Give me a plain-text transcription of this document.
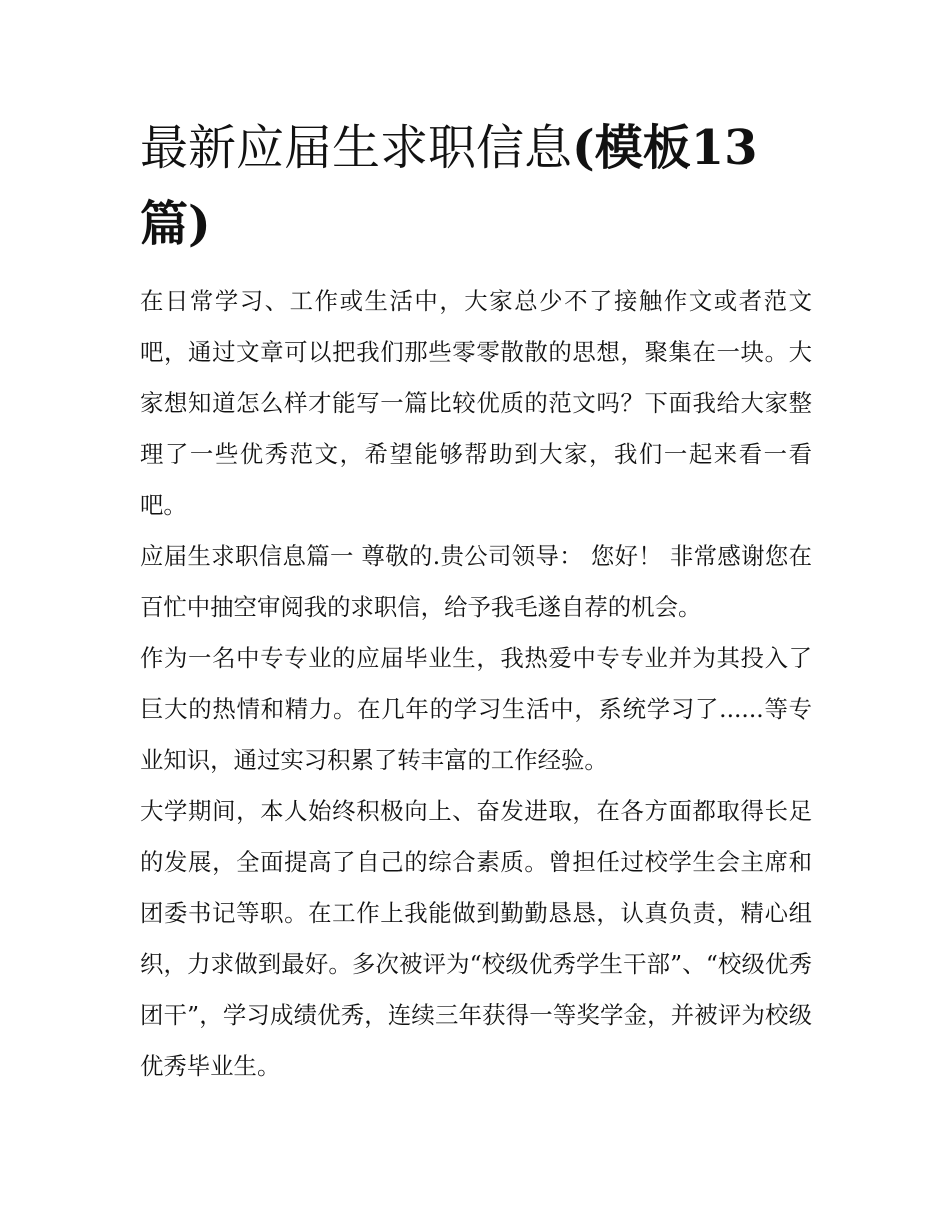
最新应届生求职信息(模板13篇)

在日常学习、工作或生活中，大家总少不了接触作文或者范文吧，通过文章可以把我们那些零零散散的思想，聚集在一块。大家想知道怎么样才能写一篇比较优质的范文吗？下面我给大家整理了一些优秀范文，希望能够帮助到大家，我们一起来看一看吧。

应届生求职信息篇一 尊敬的.贵公司领导： 您好！ 非常感谢您在百忙中抽空审阅我的求职信，给予我毛遂自荐的机会。

作为一名中专专业的应届毕业生，我热爱中专专业并为其投入了巨大的热情和精力。在几年的学习生活中，系统学习了......等专业知识，通过实习积累了转丰富的工作经验。

大学期间，本人始终积极向上、奋发进取，在各方面都取得长足的发展，全面提高了自己的综合素质。曾担任过校学生会主席和团委书记等职。在工作上我能做到勤勤恳恳，认真负责，精心组织，力求做到最好。多次被评为“校级优秀学生干部”、“校级优秀团干”，学习成绩优秀，连续三年获得一等奖学金，并被评为校级优秀毕业生。
